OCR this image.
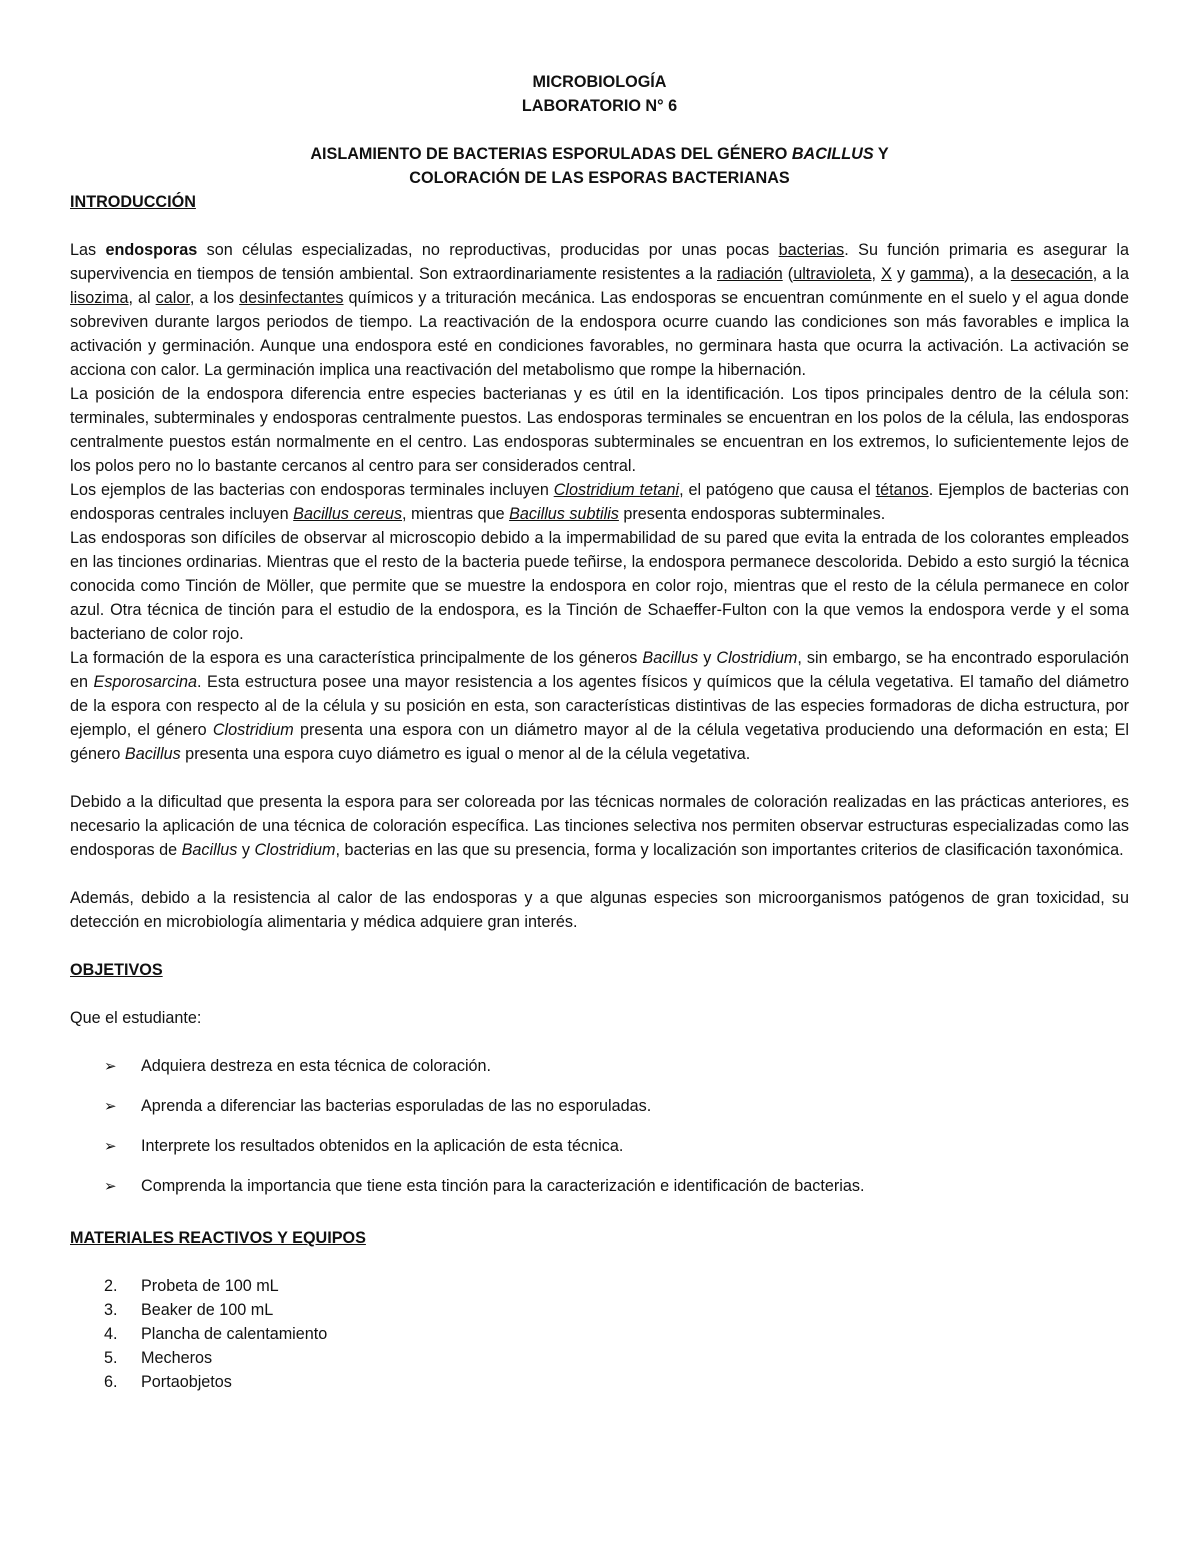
MICROBIOLOGÍA

LABORATORIO N° 6

AISLAMIENTO DE BACTERIAS ESPORULADAS DEL GÉNERO BACILLUS Y

COLORACIÓN DE LAS ESPORAS BACTERIANAS

INTRODUCCIÓN

Las endosporas son células especializadas, no reproductivas, producidas por unas pocas bacterias. Su función primaria es asegurar la supervivencia en tiempos de tensión ambiental. Son extraordinariamente resistentes a la radiación (ultravioleta, X y gamma), a la desecación, a la lisozima, al calor, a los desinfectantes químicos y a trituración mecánica. Las endosporas se encuentran comúnmente en el suelo y el agua donde sobreviven durante largos periodos de tiempo. La reactivación de la endospora ocurre cuando las condiciones son más favorables e implica la activación y germinación. Aunque una endospora esté en condiciones favorables, no germinara hasta que ocurra la activación. La activación se acciona con calor. La germinación implica una reactivación del metabolismo que rompe la hibernación.

La posición de la endospora diferencia entre especies bacterianas y es útil en la identificación. Los tipos principales dentro de la célula son: terminales, subterminales y endosporas centralmente puestos. Las endosporas terminales se encuentran en los polos de la célula, las endosporas centralmente puestos están normalmente en el centro. Las endosporas subterminales se encuentran en los extremos, lo suficientemente lejos de los polos pero no lo bastante cercanos al centro para ser considerados central.

Los ejemplos de las bacterias con endosporas terminales incluyen Clostridium tetani, el patógeno que causa el tétanos. Ejemplos de bacterias con endosporas centrales incluyen Bacillus cereus, mientras que Bacillus subtilis presenta endosporas subterminales.

Las endosporas son difíciles de observar al microscopio debido a la impermabilidad de su pared que evita la entrada de los colorantes empleados en las tinciones ordinarias. Mientras que el resto de la bacteria puede teñirse, la endospora permanece descolorida. Debido a esto surgió la técnica conocida como Tinción de Möller, que permite que se muestre la endospora en color rojo, mientras que el resto de la célula permanece en color azul. Otra técnica de tinción para el estudio de la endospora, es la Tinción de Schaeffer-Fulton con la que vemos la endospora verde y el soma bacteriano de color rojo.

La formación de la espora es una característica principalmente de los géneros Bacillus y Clostridium, sin embargo, se ha encontrado esporulación en Esporosarcina. Esta estructura posee una mayor resistencia a los agentes físicos y químicos que la célula vegetativa. El tamaño del diámetro de la espora con respecto al de la célula y su posición en esta, son características distintivas de las especies formadoras de dicha estructura, por ejemplo, el género Clostridium presenta una espora con un diámetro mayor al de la célula vegetativa produciendo una deformación en esta; El género Bacillus presenta una espora cuyo diámetro es igual o menor al de la célula vegetativa.

Debido a la dificultad que presenta la espora para ser coloreada por las técnicas normales de coloración realizadas en las prácticas anteriores, es necesario la aplicación de una técnica de coloración específica. Las tinciones selectiva nos permiten observar estructuras especializadas como las endosporas de Bacillus y Clostridium, bacterias en las que su presencia, forma y localización son importantes criterios de clasificación taxonómica.

Además, debido a la resistencia al calor de las endosporas y a que algunas especies son microorganismos patógenos de gran toxicidad, su detección en microbiología alimentaria y médica adquiere gran interés.

OBJETIVOS

Que el estudiante:

➢ Adquiera destreza en esta técnica de coloración.
➢ Aprenda a diferenciar las bacterias esporuladas de las no esporuladas.
➢ Interprete los resultados obtenidos en la aplicación de esta técnica.
➢ Comprenda la importancia que tiene esta tinción para la caracterización e identificación de bacterias.

MATERIALES REACTIVOS Y EQUIPOS

2. Probeta de 100 mL
3. Beaker de 100 mL
4. Plancha de calentamiento
5. Mecheros
6. Portaobjetos
